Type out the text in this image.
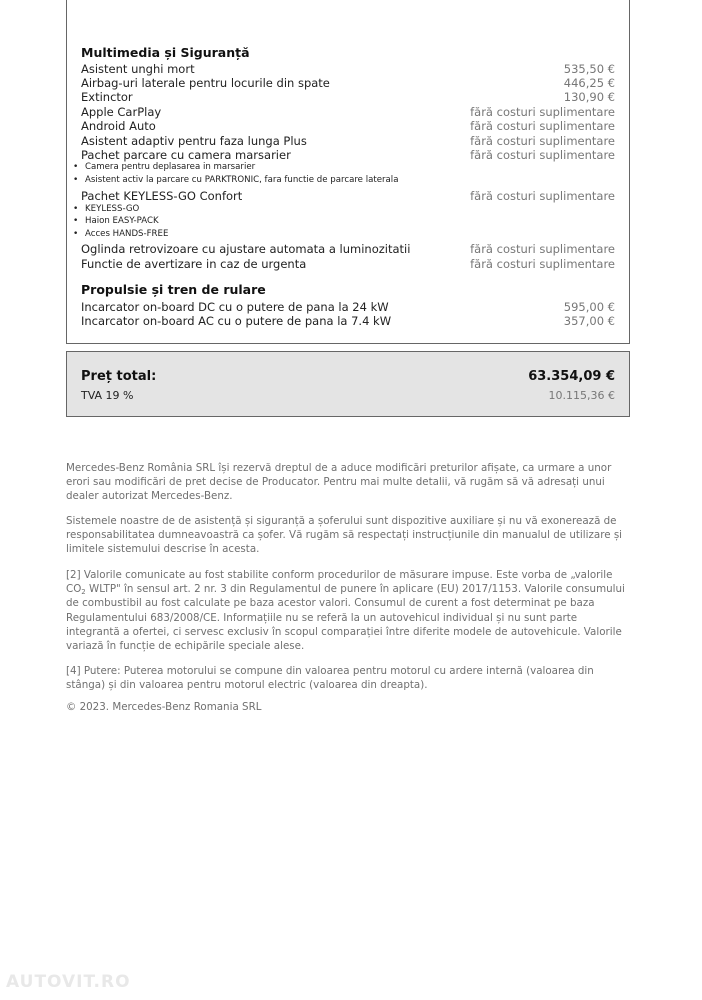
Multimedia și Siguranță
Asistent unghi mort	535,50 €
Airbag-uri laterale pentru locurile din spate	446,25 €
Extinctor	130,90 €
Apple CarPlay	fără costuri suplimentare
Android Auto	fără costuri suplimentare
Asistent adaptiv pentru faza lunga Plus	fără costuri suplimentare
Pachet parcare cu camera marsarier	fără costuri suplimentare
• Camera pentru deplasarea in marsarier
• Asistent activ la parcare cu PARKTRONIC, fara functie de parcare laterala
Pachet KEYLESS-GO Confort	fără costuri suplimentare
• KEYLESS-GO
• Haion EASY-PACK
• Acces HANDS-FREE
Oglinda retrovizoare cu ajustare automata a luminozitatii	fără costuri suplimentare
Functie de avertizare in caz de urgenta	fără costuri suplimentare
Propulsie și tren de rulare
Incarcator on-board DC cu o putere de pana la 24 kW	595,00 €
Incarcator on-board AC cu o putere de pana la 7.4 kW	357,00 €
Preț total:	63.354,09 €
TVA 19 %	10.115,36 €

Mercedes-Benz România SRL își rezervă dreptul de a aduce modificări preturilor afișate, ca urmare a unor erori sau modificări de pret decise de Producator. Pentru mai multe detalii, vă rugăm să vă adresați unui dealer autorizat Mercedes-Benz.

Sistemele noastre de de asistență și siguranță a șoferului sunt dispozitive auxiliare și nu vă exonerează de responsabilitatea dumneavoastră ca șofer. Vă rugăm să respectați instrucțiunile din manualul de utilizare și limitele sistemului descrise în acesta.

[2] Valorile comunicate au fost stabilite conform procedurilor de măsurare impuse. Este vorba de „valorile $CO_2$ WLTP" în sensul art. 2 nr. 3 din Regulamentul de punere în aplicare (EU) 2017/1153. Valorile consumului de combustibil au fost calculate pe baza acestor valori. Consumul de curent a fost determinat pe baza Regulamentului 683/2008/CE. Informațiile nu se referă la un autovehicul individual și nu sunt parte integrantă a ofertei, ci servesc exclusiv în scopul comparației între diferite modele de autovehicule. Valorile variază în funcție de echipările speciale alese.

[4] Putere: Puterea motorului se compune din valoarea pentru motorul cu ardere internă (valoarea din stânga) și din valoarea pentru motorul electric (valoarea din dreapta).

© 2023. Mercedes-Benz Romania SRL

AUTOVIT.RO
